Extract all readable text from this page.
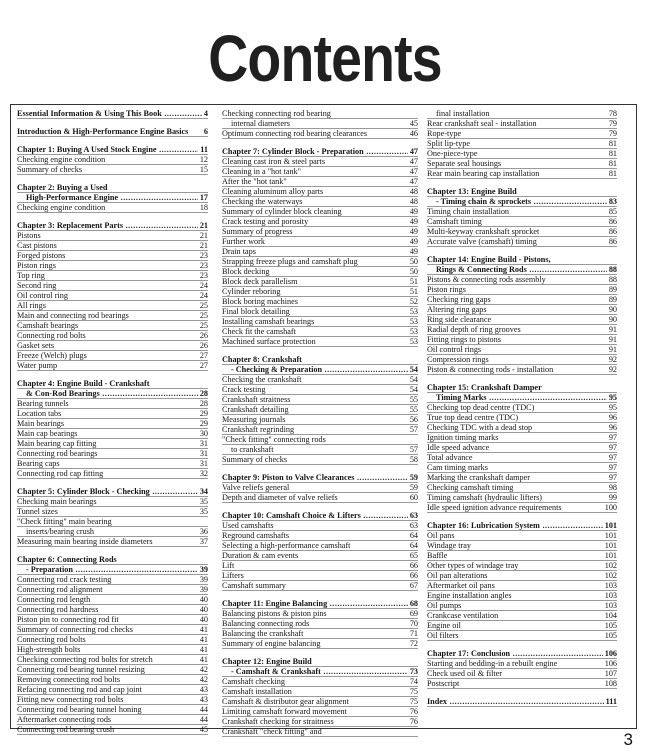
Contents
Essential Information & Using This Book .....	4
Introduction & High-Performance Engine Basics	6
Chapter 1: Buying A Used Stock Engine .....	11
Checking engine condition	12
Summary of checks	15
Chapter 2: Buying a Used
High-Performance Engine .....	17
Checking engine condition	18
Chapter 3: Replacement Parts .....	21
Pistons	21
Cast pistons	21
Forged pistons	23
Piston rings	23
Top ring	23
Second ring	24
Oil control ring	24
All rings	25
Main and connecting rod bearings	25
Camshaft bearings	25
Connecting rod bolts	26
Gasket sets	26
Freeze (Welch) plugs	27
Water pump	27
Chapter 4: Engine Build - Crankshaft
& Con-Rod Bearings .....	28
Bearing tunnels	28
Location tabs	29
Main bearings	29
Main cap bearings	30
Main bearing cap fitting	31
Connecting rod bearings	31
Bearing caps	31
Connecting rod cap fitting	32
Chapter 5: Cylinder Block - Checking .....	34
Checking main bearings	35
Tunnel sizes	35
"Check fitting" main bearing
inserts/bearing crush	36
Measuring main bearing inside diameters	37
Chapter 6: Connecting Rods
- Preparation .....	39
Connecting rod crack testing	39
Connecting rod alignment	39
Connecting rod length	40
Connecting rod hardness	40
Piston pin to connecting rod fit	40
Summary of connecting rod checks	41
Connecting rod bolts	41
High-strength bolts	41
Checking connecting rod bolts for stretch	41
Connecting rod bearing tunnel resizing	42
Removing connecting rod bolts	42
Refacing connecting rod and cap joint	43
Fitting new connecting rod bolts	43
Connecting rod bearing tunnel honing	44
Aftermarket connecting rods	44
Connecting rod bearing crush	45
Checking connecting rod bearing
internal diameters	45
Optimum connecting rod bearing clearances	46
Chapter 7: Cylinder Block - Preparation .....	47
Cleaning cast iron & steel parts	47
Cleaning in a "hot tank"	47
After the "hot tank"	47
Cleaning aluminum alloy parts	48
Checking the waterways	48
Summary of cylinder block cleaning	49
Crack testing and porosity	49
Summary of progress	49
Further work	49
Drain taps	49
Strapping freeze plugs and camshaft plug	50
Block decking	50
Block deck parallelism	51
Cylinder reboring	51
Block boring machines	52
Final block detailing	53
Installing camshaft bearings	53
Check fit the camshaft	53
Machined surface protection	53
Chapter 8: Crankshaft
- Checking & Preparation .....	54
Checking the crankshaft	54
Crack testing	54
Crankshaft straitness	55
Crankshaft detailing	55
Measuring journals	56
Crankshaft regrinding	57
"Check fitting" connecting rods
to crankshaft	57
Summary of checks	58
Chapter 9: Piston to Valve Clearances .....	59
Valve reliefs general	59
Depth and diameter of valve reliefs	60
Chapter 10: Camshaft Choice & Lifters .....	63
Used camshafts	63
Reground camshafts	64
Selecting a high-performance camshaft	64
Duration & cam events	65
Lift	66
Lifters	66
Camshaft summary	67
Chapter 11: Engine Balancing .....	68
Balancing pistons & piston pins	69
Balancing connecting rods	70
Balancing the crankshaft	71
Summary of engine balancing	72
Chapter 12: Engine Build
- Camshaft & Crankshaft .....	73
Camshaft checking	74
Camshaft installation	75
Camshaft & distributor gear alignment	75
Limiting camshaft forward movement	76
Crankshaft checking for straitness	76
Crankshaft "check fitting" and
final installation	78
Rear crankshaft seal - installation	79
Rope-type	79
Split lip-type	81
One-piece-type	81
Separate seal housings	81
Rear main bearing cap installation	81
Chapter 13: Engine Build
- Timing chain & sprockets .....	83
Timing chain installation	85
Camshaft timing	86
Multi-keyway crankshaft sprocket	86
Accurate valve (camshaft) timing	86
Chapter 14: Engine Build - Pistons,
Rings & Connecting Rods .....	88
Pistons & connecting rods assembly	88
Piston rings	89
Checking ring gaps	89
Altering ring gaps	90
Ring side clearance	90
Radial depth of ring grooves	91
Fitting rings to pistons	91
Oil control rings	91
Compression rings	92
Piston & connecting rods - installation	92
Chapter 15: Crankshaft Damper
Timing Marks .....	95
Checking top dead centre (TDC)	95
True top dead centre (TDC)	96
Checking TDC with a dead stop	96
Ignition timing marks	97
Idle speed advance	97
Total advance	97
Cam timing marks	97
Marking the crankshaft damper	97
Checking camshaft timing	98
Timing camshaft (hydraulic lifters)	99
Idle speed ignition advance requirements	100
Chapter 16: Lubrication System .....	101
Oil pans	101
Windage tray	101
Baffle	101
Other types of windage tray	102
Oil pan alterations	102
Aftermarket oil pans	103
Engine installation angles	103
Oil pumps	103
Crankcase ventilation	104
Engine oil	105
Oil filters	105
Chapter 17: Conclusion .....	106
Starting and bedding-in a rebuilt engine	106
Check used oil & filter	107
Postscript	108
Index .....	111
3
